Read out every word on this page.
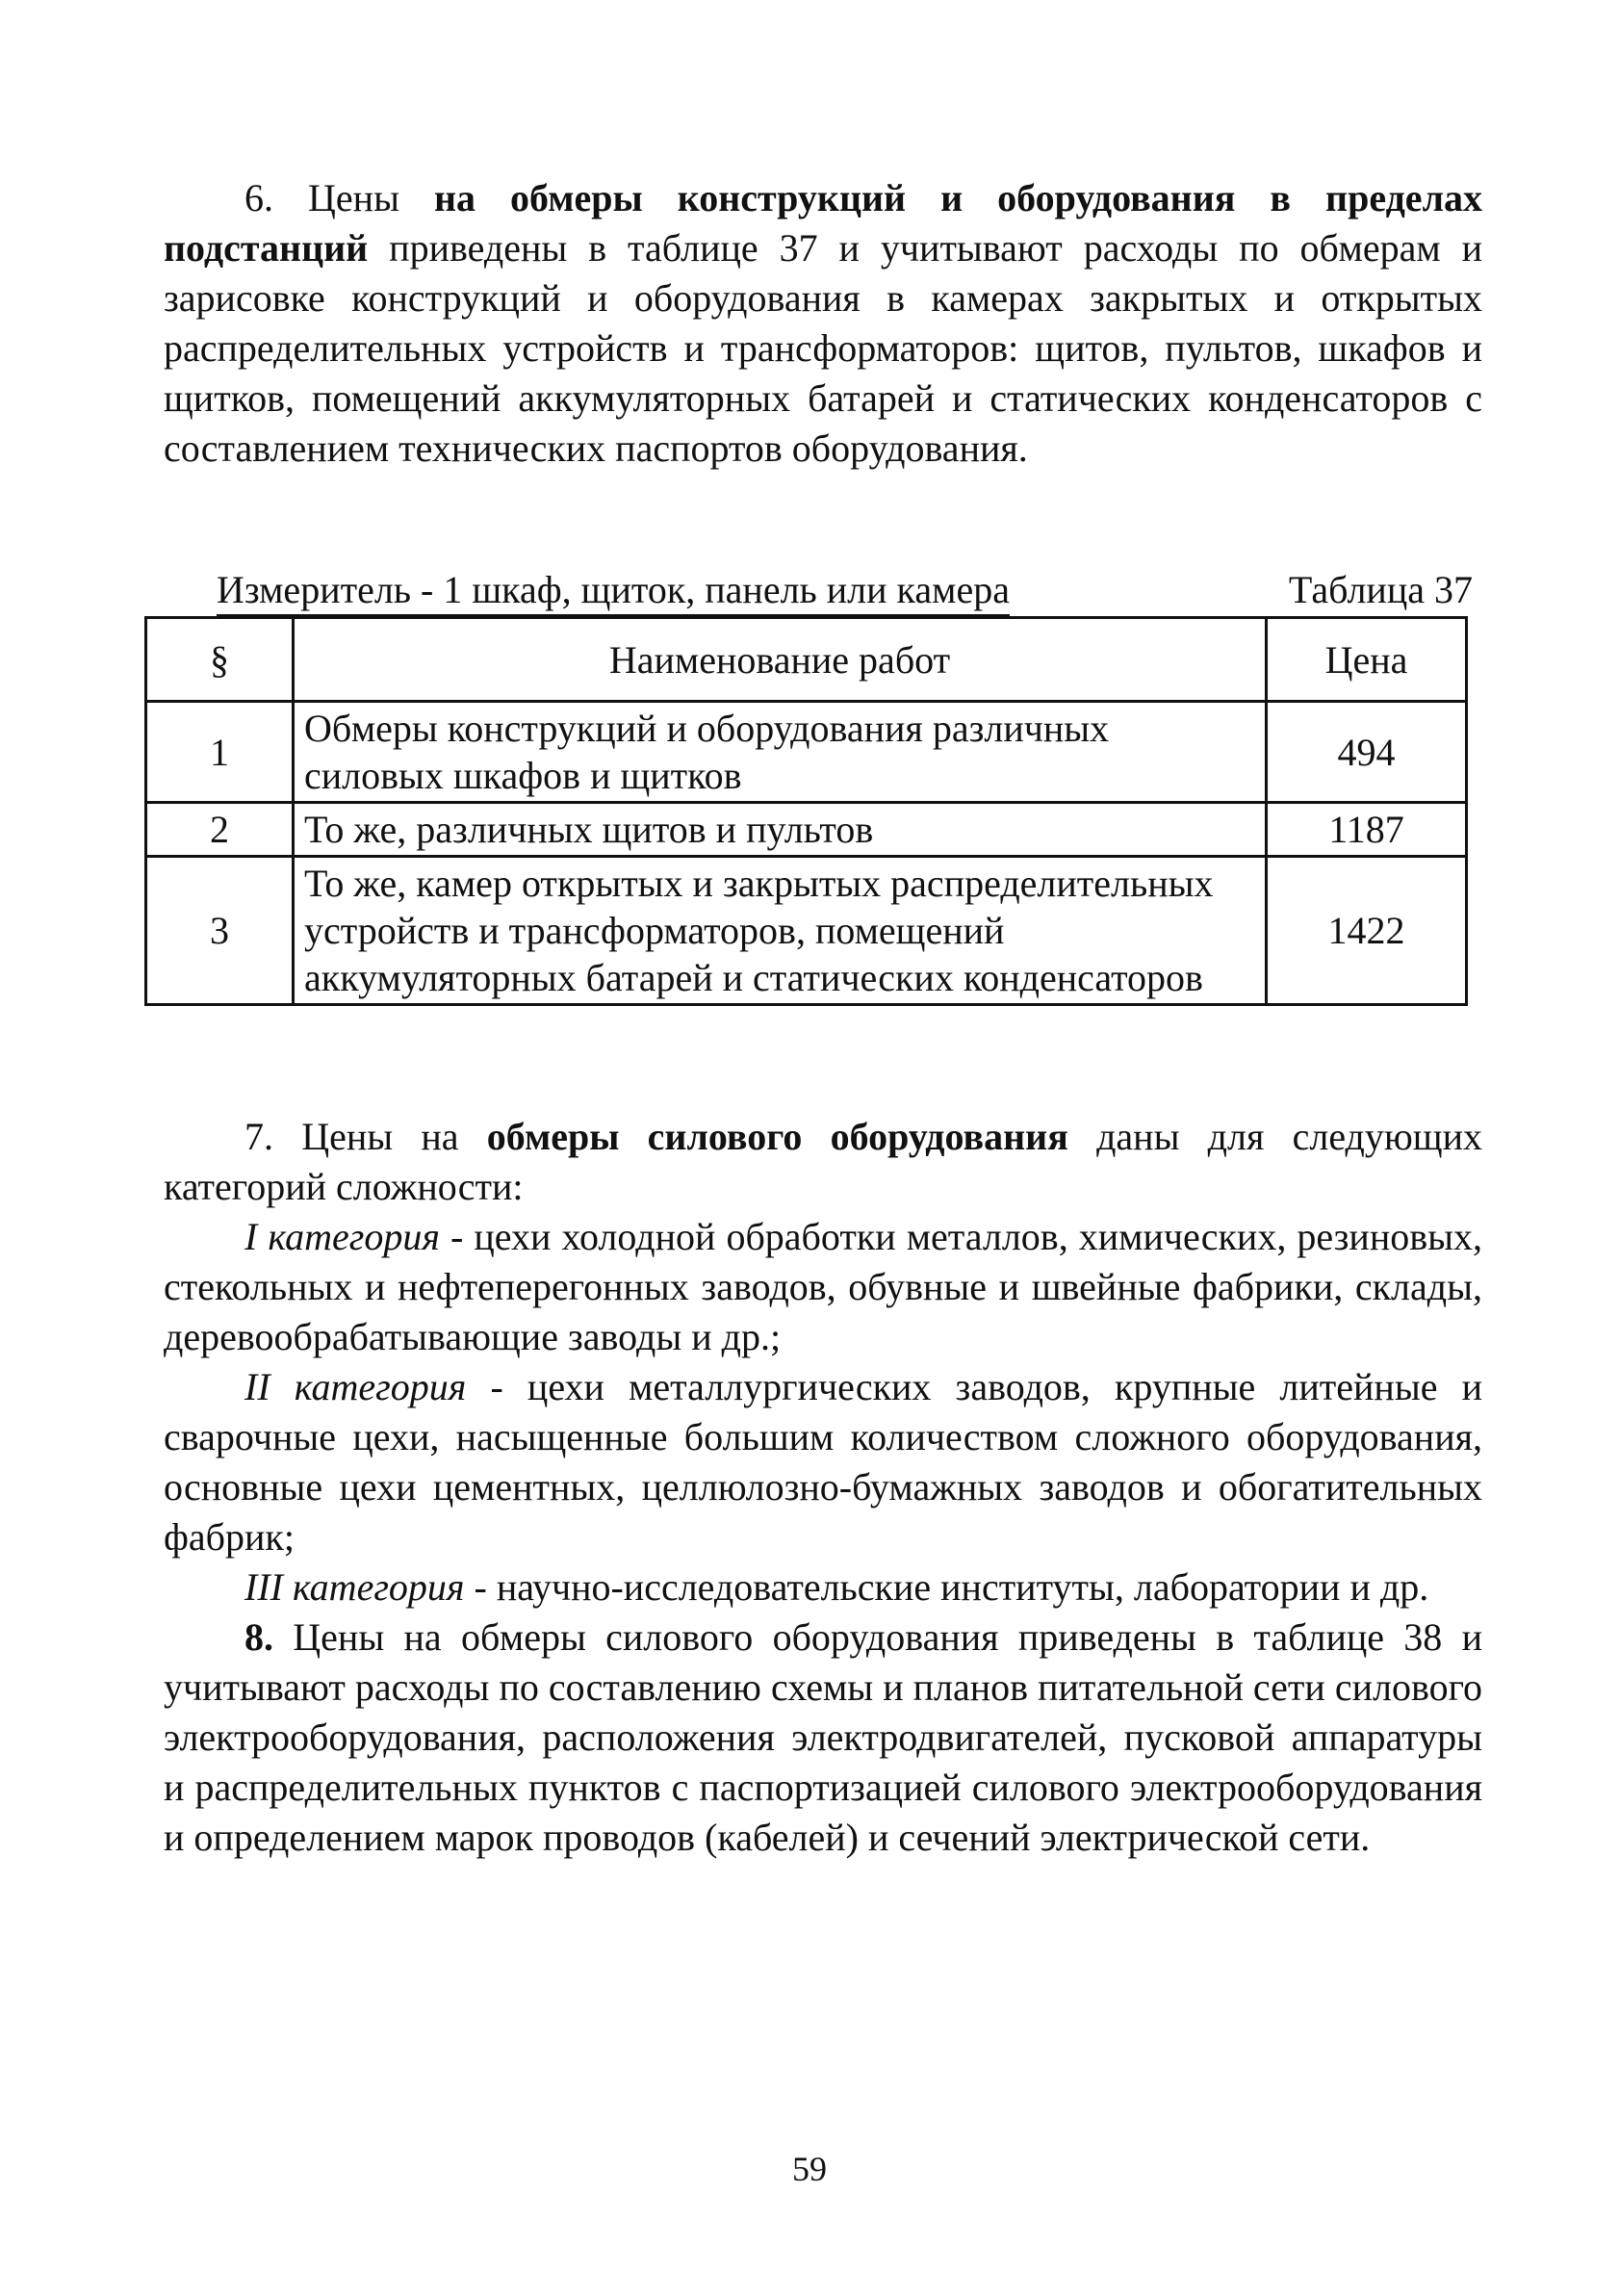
6. Цены на обмеры конструкций и оборудования в пределах подстанций приведены в таблице 37 и учитывают расходы по обмерам и зарисовке конструкций и оборудования в камерах закрытых и открытых распределительных устройств и трансформаторов: щитов, пультов, шкафов и щитков, помещений аккумуляторных батарей и статических конденсаторов с составлением технических паспортов оборудования.

Измеритель - 1 шкаф, щиток, панель или камера	Таблица 37
§	Наименование работ	Цена
1	Обмеры конструкций и оборудования различных силовых шкафов и щитков	494
2	То же, различных щитов и пультов	1187
3	То же, камер открытых и закрытых распределительных устройств и трансформаторов, помещений аккумуляторных батарей и статических конденсаторов	1422

7. Цены на обмеры силового оборудования даны для следующих категорий сложности:

I категория - цехи холодной обработки металлов, химических, резиновых, стекольных и нефтеперегонных заводов, обувные и швейные фабрики, склады, деревообрабатывающие заводы и др.;

II категория - цехи металлургических заводов, крупные литейные и сварочные цехи, насыщенные большим количеством сложного оборудования, основные цехи цементных, целлюлозно-бумажных заводов и обогатительных фабрик;

III категория - научно-исследовательские институты, лаборатории и др.

8. Цены на обмеры силового оборудования приведены в таблице 38 и учитывают расходы по составлению схемы и планов питательной сети силового электрооборудования, расположения электродвигателей, пусковой аппаратуры и распределительных пунктов с паспортизацией силового электрооборудования и определением марок проводов (кабелей) и сечений электрической сети.

59
